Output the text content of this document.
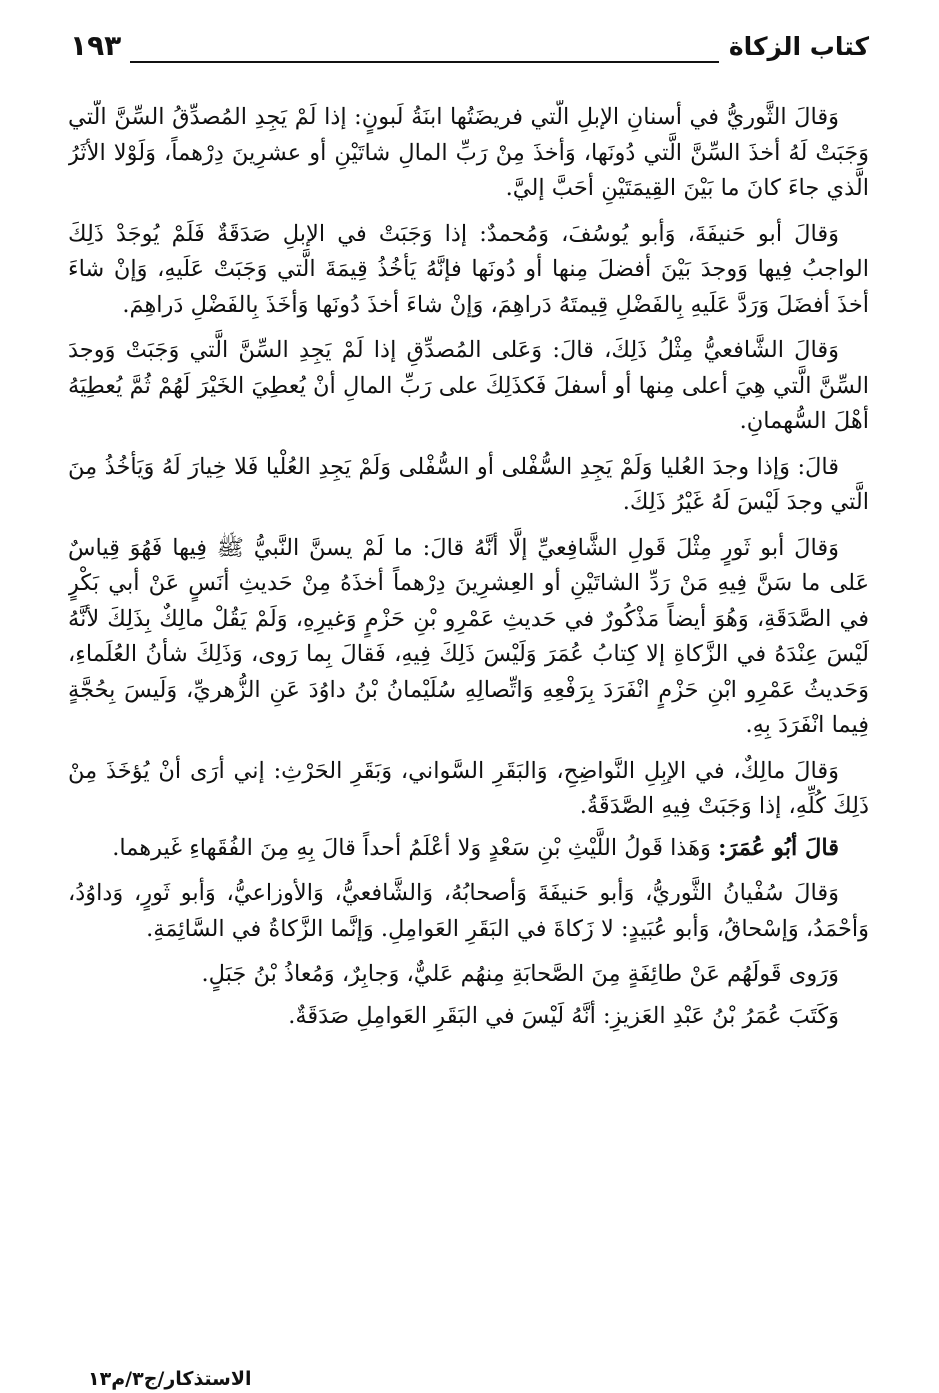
كتاب الزكاة
١٩٣

وَقالَ الثَّوريُّ في أسنانِ الإبلِ الَّتي فريضَتُها ابنَةُ لَبونٍ: إذا لَمْ يَجِدِ المُصدِّقُ السِّنَّ الَّتي وَجَبَتْ لَهُ أخذَ السِّنَّ الَّتي دُونَها، وَأخذَ مِنْ رَبِّ المالِ شاتَيْنِ أو عشرِينَ دِرْهماً، وَلَوْلا الأثَرُ الَّذي جاءَ كانَ ما بَيْنَ القِيمَتَيْنِ أحَبَّ إليَّ.

وَقالَ أبو حَنيفَةَ، وَأبو يُوسُفَ، وَمُحمدٌ: إذا وَجَبَتْ في الإبلِ صَدَقَةٌ فَلَمْ يُوجَدْ ذَلِكَ الواجبُ فِيها وَوجدَ بَيْنَ أفضلَ مِنها أو دُونَها فإنَّهُ يَأخُذُ قِيمَةَ الَّتي وَجَبَتْ عَلَيهِ، وَإنْ شاءَ أخذَ أفضَلَ وَرَدَّ عَلَيهِ بِالفَضْلِ قِيمتَهُ دَراهِمَ، وَإنْ شاءَ أخذَ دُونَها وَأخَذَ بِالفَضْلِ دَراهِمَ.

وَقالَ الشَّافعيُّ مِثْلُ ذَلِكَ، قالَ: وَعَلى المُصدِّقِ إذا لَمْ يَجِدِ السِّنَّ الَّتي وَجَبَتْ وَوجدَ السِّنَّ الَّتي هِيَ أعلى مِنها أو أسفلَ فَكذَلِكَ على رَبِّ المالِ أنْ يُعطِيَ الخَيْرَ لَهُمْ ثُمَّ يُعطِيَهُ أهْلَ السُّهمانِ.

قالَ: وَإذا وجدَ العُليا وَلَمْ يَجِدِ السُّفْلى أو السُّفْلى وَلَمْ يَجِدِ العُلْيا فَلا خِيارَ لَهُ وَيَأخُذُ مِنَ الَّتي وجدَ لَيْسَ لَهُ غَيْرُ ذَلِكَ.

وَقالَ أبو ثَورٍ مِثْلَ قَولِ الشَّافِعيِّ إلَّا أنَّهُ قالَ: ما لَمْ يسنَّ النَّبيُّ ﷺ فِيها فَهُوَ قِياسٌ عَلى ما سَنَّ فِيهِ مَنْ رَدِّ الشاتَيْنِ أو العِشرِينَ دِرْهماً أخذَهُ مِنْ حَديثِ أنَسٍ عَنْ أبي بَكْرٍ في الصَّدَقَةِ، وَهُوَ أيضاً مَذْكُورٌ في حَديثِ عَمْرِو بْنِ حَزْمٍ وَغيرِهِ، وَلَمْ يَقُلْ مالِكٌ بِذَلِكَ لأنَّهُ لَيْسَ عِنْدَهُ في الزَّكاةِ إلا كِتابُ عُمَرَ وَلَيْسَ ذَلِكَ فِيهِ، فَقالَ بِما رَوى، وَذَلِكَ شأنُ العُلَماءِ، وَحَديثُ عَمْرِو ابْنِ حَزْمٍ انْفَرَدَ بِرَفْعِهِ وَاتِّصالِهِ سُلَيْمانُ بْنُ داوُدَ عَنِ الزُّهريِّ، وَلَيسَ بِحُجَّةٍ فِيما انْفَرَدَ بِهِ.

وَقالَ مالِكٌ، في الإبِلِ النَّواضِحِ، وَالبَقَرِ السَّواني، وَبَقَرِ الحَرْثِ: إني أرَى أنْ يُؤخَذَ مِنْ ذَلِكَ كُلِّهِ، إذا وَجَبَتْ فِيهِ الصَّدَقَةُ.

قالَ أبُو عُمَرَ: وَهَذا قَولُ اللَّيْثِ بْنِ سَعْدٍ وَلا أعْلَمُ أحداً قالَ بِهِ مِنَ الفُقَهاءِ غَيرهما.

وَقالَ سُفْيانُ الثَّوريُّ، وَأبو حَنيفَةَ وَأصحابُهُ، وَالشَّافعيُّ، وَالأوزاعيُّ، وَأبو ثَورٍ، وَداوُدُ، وَأحْمَدُ، وَإسْحاقُ، وَأبو عُبَيدٍ: لا زَكاةَ في البَقَرِ العَوامِلِ. وَإنَّما الزَّكاةُ في السَّائِمَةِ.

وَرَوى قَولَهُم عَنْ طائِفَةٍ مِنَ الصَّحابَةِ مِنهُم عَليٌّ، وَجابِرٌ، وَمُعاذُ بْنُ جَبَلٍ.

وَكَتَبَ عُمَرُ بْنُ عَبْدِ العَزيزِ: أنَّهُ لَيْسَ في البَقَرِ العَوامِلِ صَدَقَةٌ.

الاستذكار/ج٣/م١٣
